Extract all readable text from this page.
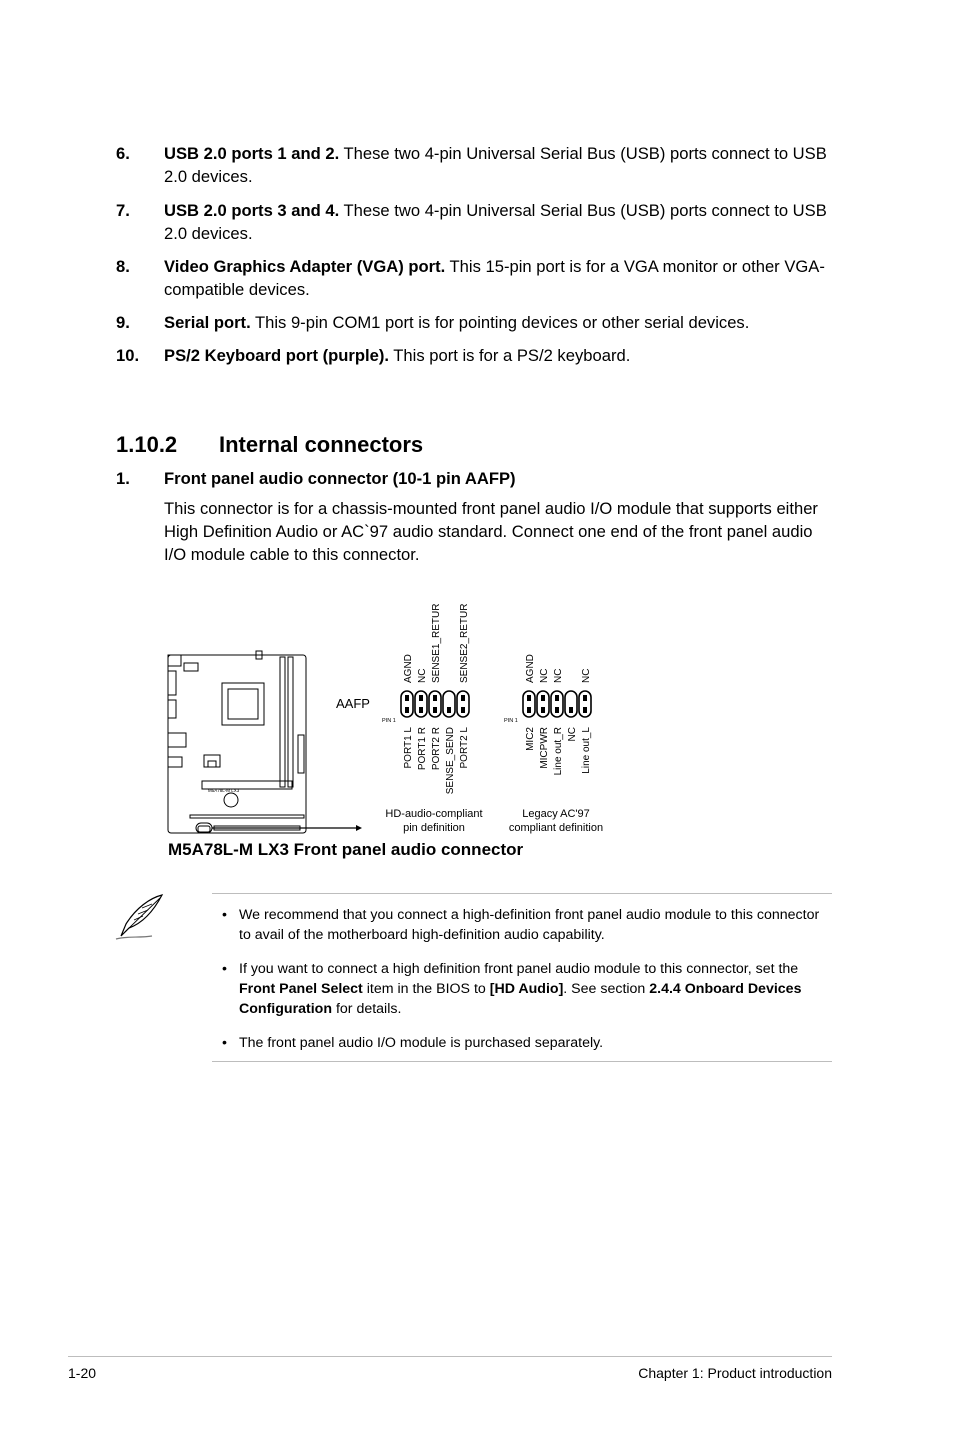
6. USB 2.0 ports 1 and 2. These two 4-pin Universal Serial Bus (USB) ports connect to USB 2.0 devices.
7. USB 2.0 ports 3 and 4. These two 4-pin Universal Serial Bus (USB) ports connect to USB 2.0 devices.
8. Video Graphics Adapter (VGA) port. This 15-pin port is for a VGA monitor or other VGA-compatible devices.
9. Serial port. This 9-pin COM1 port is for pointing devices or other serial devices.
10. PS/2 Keyboard port (purple). This port is for a PS/2 keyboard.
1.10.2 Internal connectors
1. Front panel audio connector (10-1 pin AAFP)
This connector is for a chassis-mounted front panel audio I/O module that supports either High Definition Audio or AC`97 audio standard. Connect one end of the front panel audio I/O module cable to this connector.
M5A78L-M LX3
AAFP
PIN 1
AGND NC SENSE1_RETUR SENSE2_RETUR
PORT1 L PORT1 R PORT2 R SENSE_SEND PORT2 L
HD-audio-compliant
pin definition
PIN 1
AGND NC NC NC
MIC2 MICPWR Line out_R NC Line out_L
Legacy AC'97
compliant definition
M5A78L-M LX3 Front panel audio connector
• We recommend that you connect a high-definition front panel audio module to this connector to avail of the motherboard high-definition audio capability.
• If you want to connect a high definition front panel audio module to this connector, set the Front Panel Select item in the BIOS to [HD Audio]. See section 2.4.4 Onboard Devices Configuration for details.
• The front panel audio I/O module is purchased separately.
1-20	Chapter 1: Product introduction
